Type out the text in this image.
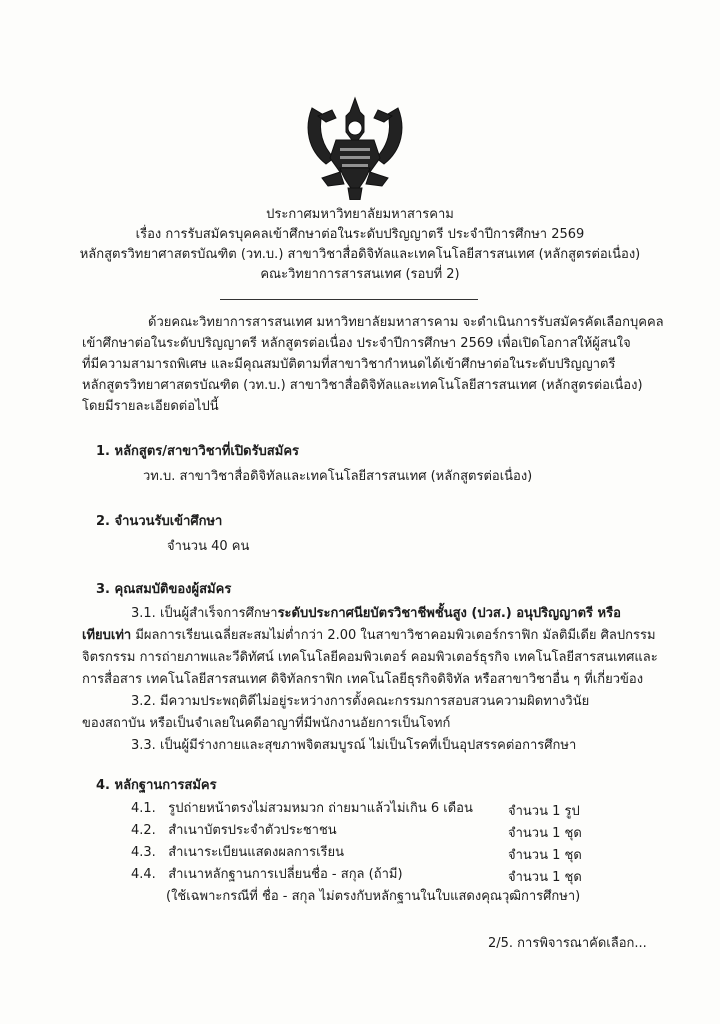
ประกาศมหาวิทยาลัยมหาสารคาม
เรื่อง การรับสมัครบุคคลเข้าศึกษาต่อในระดับปริญญาตรี ประจำปีการศึกษา 2569
หลักสูตรวิทยาศาสตรบัณฑิต (วท.บ.) สาขาวิชาสื่อดิจิทัลและเทคโนโลยีสารสนเทศ (หลักสูตรต่อเนื่อง)
คณะวิทยาการสารสนเทศ (รอบที่ 2)
ด้วยคณะวิทยาการสารสนเทศ มหาวิทยาลัยมหาสารคาม จะดำเนินการรับสมัครคัดเลือกบุคคล
เข้าศึกษาต่อในระดับปริญญาตรี หลักสูตรต่อเนื่อง ประจำปีการศึกษา 2569 เพื่อเปิดโอกาสให้ผู้สนใจ
ที่มีความสามารถพิเศษ และมีคุณสมบัติตามที่สาขาวิชากำหนดได้เข้าศึกษาต่อในระดับปริญญาตรี
หลักสูตรวิทยาศาสตรบัณฑิต (วท.บ.) สาขาวิชาสื่อดิจิทัลและเทคโนโลยีสารสนเทศ (หลักสูตรต่อเนื่อง)
โดยมีรายละเอียดต่อไปนี้
1. หลักสูตร/สาขาวิชาที่เปิดรับสมัคร
วท.บ. สาขาวิชาสื่อดิจิทัลและเทคโนโลยีสารสนเทศ (หลักสูตรต่อเนื่อง)
2. จำนวนรับเข้าศึกษา
จำนวน 40 คน
3. คุณสมบัติของผู้สมัคร
3.1. เป็นผู้สำเร็จการศึกษาระดับประกาศนียบัตรวิชาชีพชั้นสูง (ปวส.) อนุปริญญาตรี หรือ
เทียบเท่า มีผลการเรียนเฉลี่ยสะสมไม่ต่ำกว่า 2.00 ในสาขาวิชาคอมพิวเตอร์กราฟิก มัลติมีเดีย ศิลปกรรม
จิตรกรรม การถ่ายภาพและวีดิทัศน์ เทคโนโลยีคอมพิวเตอร์ คอมพิวเตอร์ธุรกิจ เทคโนโลยีสารสนเทศและ
การสื่อสาร เทคโนโลยีสารสนเทศ ดิจิทัลกราฟิก เทคโนโลยีธุรกิจดิจิทัล หรือสาขาวิชาอื่น ๆ ที่เกี่ยวข้อง
3.2. มีความประพฤติดีไม่อยู่ระหว่างการตั้งคณะกรรมการสอบสวนความผิดทางวินัย
ของสถาบัน หรือเป็นจำเลยในคดีอาญาที่มีพนักงานอัยการเป็นโจทก์
3.3. เป็นผู้มีร่างกายและสุขภาพจิตสมบูรณ์ ไม่เป็นโรคที่เป็นอุปสรรคต่อการศึกษา
4. หลักฐานการสมัคร
4.1. รูปถ่ายหน้าตรงไม่สวมหมวก ถ่ายมาแล้วไม่เกิน 6 เดือน	จำนวน 1 รูป
4.2. สำเนาบัตรประจำตัวประชาชน	จำนวน 1 ชุด
4.3. สำเนาระเบียนแสดงผลการเรียน	จำนวน 1 ชุด
4.4. สำเนาหลักฐานการเปลี่ยนชื่อ - สกุล (ถ้ามี)	จำนวน 1 ชุด
(ใช้เฉพาะกรณีที่ ชื่อ - สกุล ไม่ตรงกับหลักฐานในใบแสดงคุณวุฒิการศึกษา)
2/5. การพิจารณาคัดเลือก...
